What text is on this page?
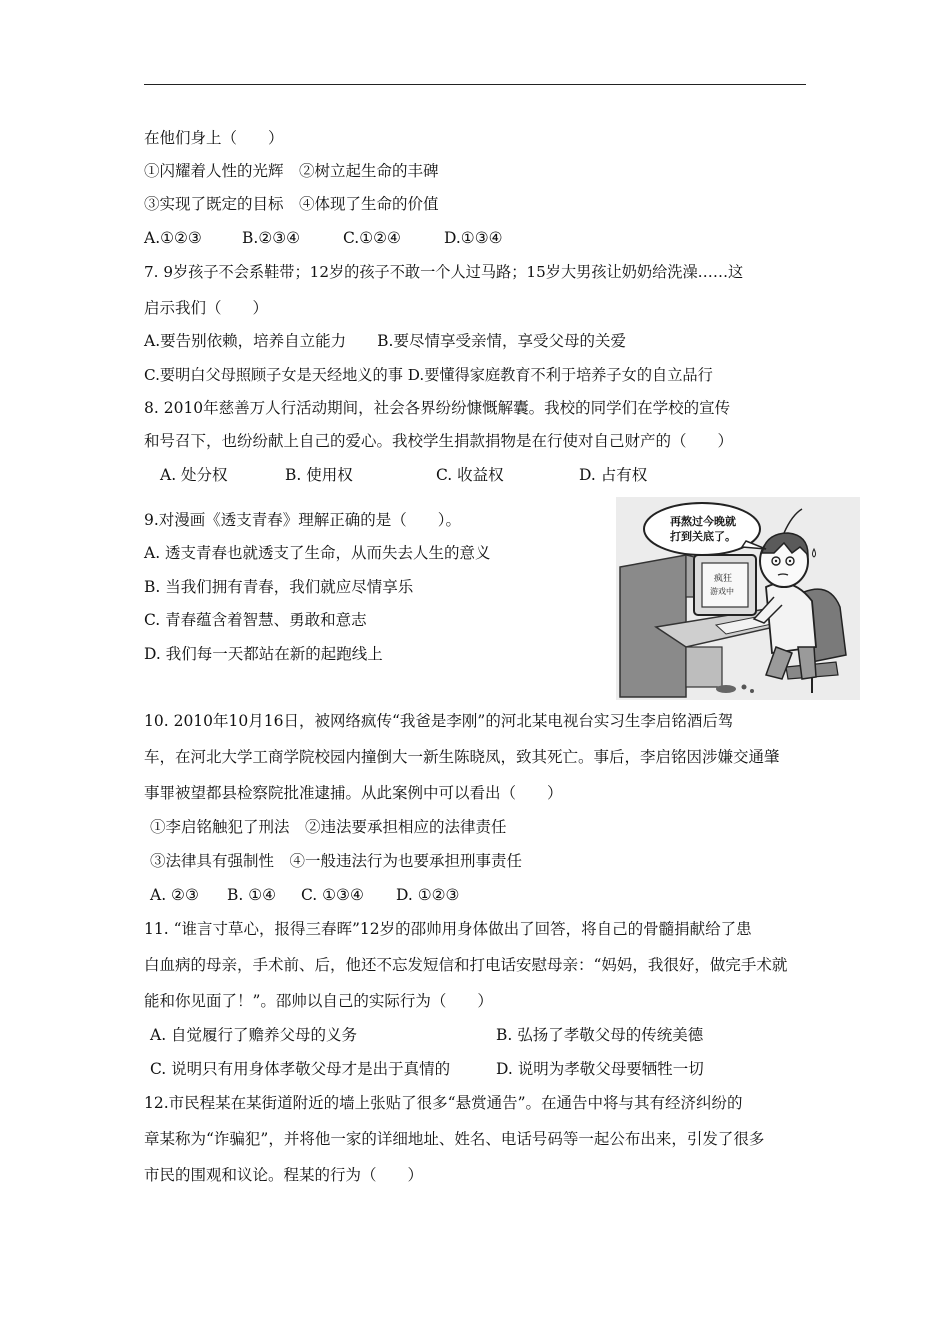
在他们身上（　　）
①闪耀着人性的光辉　②树立起生命的丰碑
③实现了既定的目标　④体现了生命的价值
A.①②③	B.②③④	C.①②④	D.①③④
7. 9岁孩子不会系鞋带；12岁的孩子不敢一个人过马路；15岁大男孩让奶奶给洗澡……这
启示我们（　　）
A.要告别依赖，培养自立能力　　B.要尽情享受亲情，享受父母的关爱
C.要明白父母照顾子女是天经地义的事 D.要懂得家庭教育不利于培养子女的自立品行
8. 2010年慈善万人行活动期间，社会各界纷纷慷慨解囊。我校的同学们在学校的宣传
和号召下，也纷纷献上自己的爱心。我校学生捐款捐物是在行使对自己财产的（　　）
A. 处分权	B. 使用权	C. 收益权	D. 占有权
9.对漫画《透支青春》理解正确的是（　　）。
A. 透支青春也就透支了生命，从而失去人生的意义
B. 当我们拥有青春，我们就应尽情享乐
C. 青春蕴含着智慧、勇敢和意志
D. 我们每一天都站在新的起跑线上
疯狂
游戏中
再熬过今晚就
打到关底了。
10. 2010年10月16日，被网络疯传“我爸是李刚”的河北某电视台实习生李启铭酒后驾
车，在河北大学工商学院校园内撞倒大一新生陈晓凤，致其死亡。事后，李启铭因涉嫌交通肇
事罪被望都县检察院批准逮捕。从此案例中可以看出（　　）
①李启铭触犯了刑法　②违法要承担相应的法律责任
③法律具有强制性　④一般违法行为也要承担刑事责任
A. ②③ B. ①④ C. ①③④ D. ①②③
11. “谁言寸草心，报得三春晖”12岁的邵帅用身体做出了回答，将自己的骨髓捐献给了患
白血病的母亲，手术前、后，他还不忘发短信和打电话安慰母亲：“妈妈，我很好，做完手术就
能和你见面了！”。邵帅以自己的实际行为（　　）
A. 自觉履行了赡养父母的义务	B. 弘扬了孝敬父母的传统美德
C. 说明只有用身体孝敬父母才是出于真情的	D. 说明为孝敬父母要牺牲一切
12.市民程某在某街道附近的墙上张贴了很多“悬赏通告”。在通告中将与其有经济纠纷的
章某称为“诈骗犯”，并将他一家的详细地址、姓名、电话号码等一起公布出来，引发了很多
市民的围观和议论。程某的行为（　　）
